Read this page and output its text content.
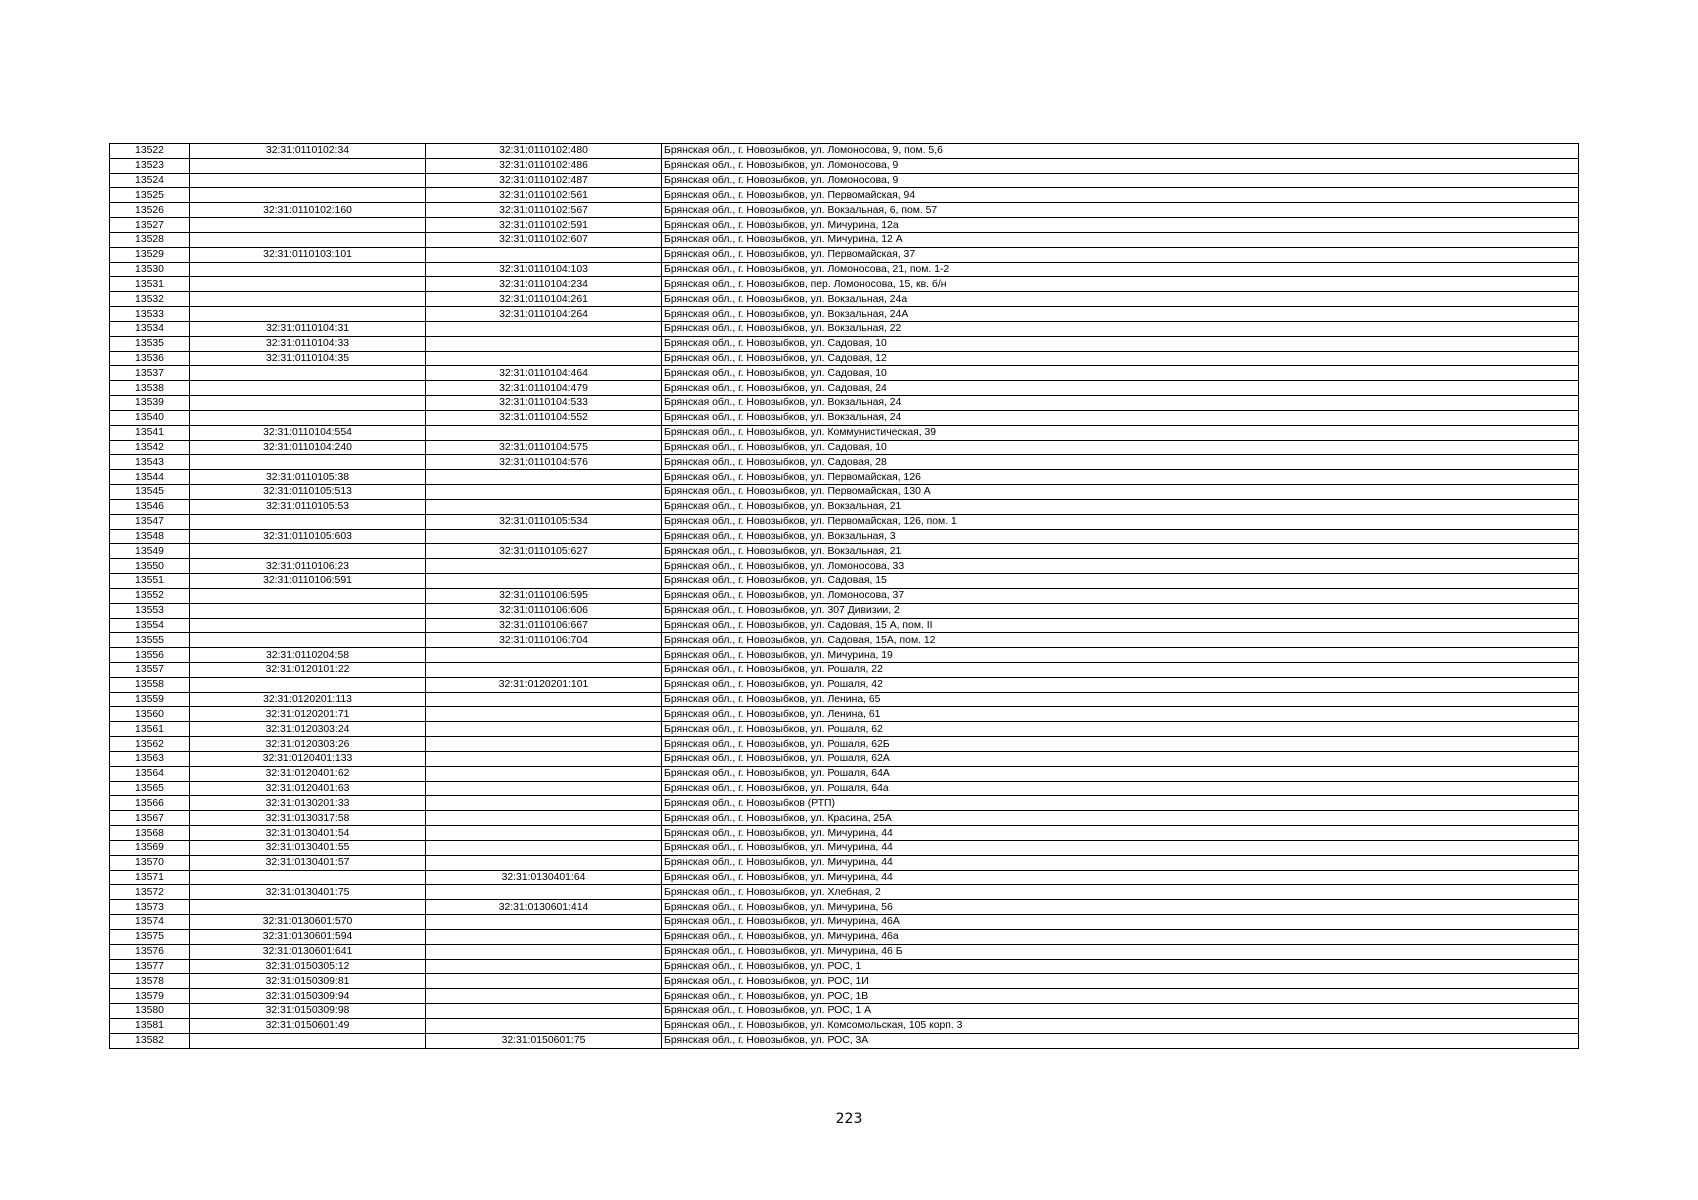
13522	32:31:0110102:34	32:31:0110102:480	Брянская обл., г. Новозыбков, ул. Ломоносова, 9, пом. 5,6
13523		32:31:0110102:486	Брянская обл., г. Новозыбков, ул. Ломоносова, 9
13524		32:31:0110102:487	Брянская обл., г. Новозыбков, ул. Ломоносова, 9
13525		32:31:0110102:561	Брянская обл., г. Новозыбков, ул. Первомайская, 94
13526	32:31:0110102:160	32:31:0110102:567	Брянская обл., г. Новозыбков, ул. Вокзальная, 6, пом. 57
13527		32:31:0110102:591	Брянская обл., г. Новозыбков, ул. Мичурина, 12а
13528		32:31:0110102:607	Брянская обл., г. Новозыбков, ул. Мичурина, 12 А
13529	32:31:0110103:101		Брянская обл., г. Новозыбков, ул. Первомайская, 37
13530		32:31:0110104:103	Брянская обл., г. Новозыбков, ул. Ломоносова, 21, пом. 1-2
13531		32:31:0110104:234	Брянская обл., г. Новозыбков, пер. Ломоносова, 15, кв. б/н
13532		32:31:0110104:261	Брянская обл., г. Новозыбков, ул. Вокзальная, 24а
13533		32:31:0110104:264	Брянская обл., г. Новозыбков, ул. Вокзальная, 24А
13534	32:31:0110104:31		Брянская обл., г. Новозыбков, ул. Вокзальная, 22
13535	32:31:0110104:33		Брянская обл., г. Новозыбков, ул. Садовая, 10
13536	32:31:0110104:35		Брянская обл., г. Новозыбков, ул. Садовая, 12
13537		32:31:0110104:464	Брянская обл., г. Новозыбков, ул. Садовая, 10
13538		32:31:0110104:479	Брянская обл., г. Новозыбков, ул. Садовая, 24
13539		32:31:0110104:533	Брянская обл., г. Новозыбков, ул. Вокзальная, 24
13540		32:31:0110104:552	Брянская обл., г. Новозыбков, ул. Вокзальная, 24
13541	32:31:0110104:554		Брянская обл., г. Новозыбков, ул. Коммунистическая, 39
13542	32:31:0110104:240	32:31:0110104:575	Брянская обл., г. Новозыбков, ул. Садовая, 10
13543		32:31:0110104:576	Брянская обл., г. Новозыбков, ул. Садовая, 28
13544	32:31:0110105:38		Брянская обл., г. Новозыбков, ул. Первомайская, 126
13545	32:31:0110105:513		Брянская обл., г. Новозыбков, ул. Первомайская, 130 А
13546	32:31:0110105:53		Брянская обл., г. Новозыбков, ул. Вокзальная, 21
13547		32:31:0110105:534	Брянская обл., г. Новозыбков, ул. Первомайская, 126, пом. 1
13548	32:31:0110105:603		Брянская обл., г. Новозыбков, ул. Вокзальная, 3
13549		32:31:0110105:627	Брянская обл., г. Новозыбков, ул. Вокзальная, 21
13550	32:31:0110106:23		Брянская обл., г. Новозыбков, ул. Ломоносова, 33
13551	32:31:0110106:591		Брянская обл., г. Новозыбков, ул. Садовая, 15
13552		32:31:0110106:595	Брянская обл., г. Новозыбков, ул. Ломоносова, 37
13553		32:31:0110106:606	Брянская обл., г. Новозыбков, ул. 307 Дивизии, 2
13554		32:31:0110106:667	Брянская обл., г. Новозыбков, ул. Садовая, 15 А, пом. II
13555		32:31:0110106:704	Брянская обл., г. Новозыбков, ул. Садовая, 15А, пом. 12
13556	32:31:0110204:58		Брянская обл., г. Новозыбков, ул. Мичурина, 19
13557	32:31:0120101:22		Брянская обл., г. Новозыбков, ул. Рошаля, 22
13558		32:31:0120201:101	Брянская обл., г. Новозыбков, ул. Рошаля, 42
13559	32:31:0120201:113		Брянская обл., г. Новозыбков, ул. Ленина, 65
13560	32:31:0120201:71		Брянская обл., г. Новозыбков, ул. Ленина, 61
13561	32:31:0120303:24		Брянская обл., г. Новозыбков, ул. Рошаля, 62
13562	32:31:0120303:26		Брянская обл., г. Новозыбков, ул. Рошаля, 62Б
13563	32:31:0120401:133		Брянская обл., г. Новозыбков, ул. Рошаля, 62А
13564	32:31:0120401:62		Брянская обл., г. Новозыбков, ул. Рошаля, 64А
13565	32:31:0120401:63		Брянская обл., г. Новозыбков, ул. Рошаля, 64а
13566	32:31:0130201:33		Брянская обл., г. Новозыбков (РТП)
13567	32:31:0130317:58		Брянская обл., г. Новозыбков, ул. Красина, 25А
13568	32:31:0130401:54		Брянская обл., г. Новозыбков, ул. Мичурина, 44
13569	32:31:0130401:55		Брянская обл., г. Новозыбков, ул. Мичурина, 44
13570	32:31:0130401:57		Брянская обл., г. Новозыбков, ул. Мичурина, 44
13571		32:31:0130401:64	Брянская обл., г. Новозыбков, ул. Мичурина, 44
13572	32:31:0130401:75		Брянская обл., г. Новозыбков, ул. Хлебная, 2
13573		32:31:0130601:414	Брянская обл., г. Новозыбков, ул. Мичурина, 56
13574	32:31:0130601:570		Брянская обл., г. Новозыбков, ул. Мичурина, 46А
13575	32:31:0130601:594		Брянская обл., г. Новозыбков, ул. Мичурина, 46а
13576	32:31:0130601:641		Брянская обл., г. Новозыбков, ул. Мичурина, 46 Б
13577	32:31:0150305:12		Брянская обл., г. Новозыбков, ул. РОС, 1
13578	32:31:0150309:81		Брянская обл., г. Новозыбков, ул. РОС, 1И
13579	32:31:0150309:94		Брянская обл., г. Новозыбков, ул. РОС, 1В
13580	32:31:0150309:98		Брянская обл., г. Новозыбков, ул. РОС, 1 А
13581	32:31:0150601:49		Брянская обл., г. Новозыбков, ул. Комсомольская, 105 корп. 3
13582		32:31:0150601:75	Брянская обл., г. Новозыбков, ул. РОС, 3А
223
